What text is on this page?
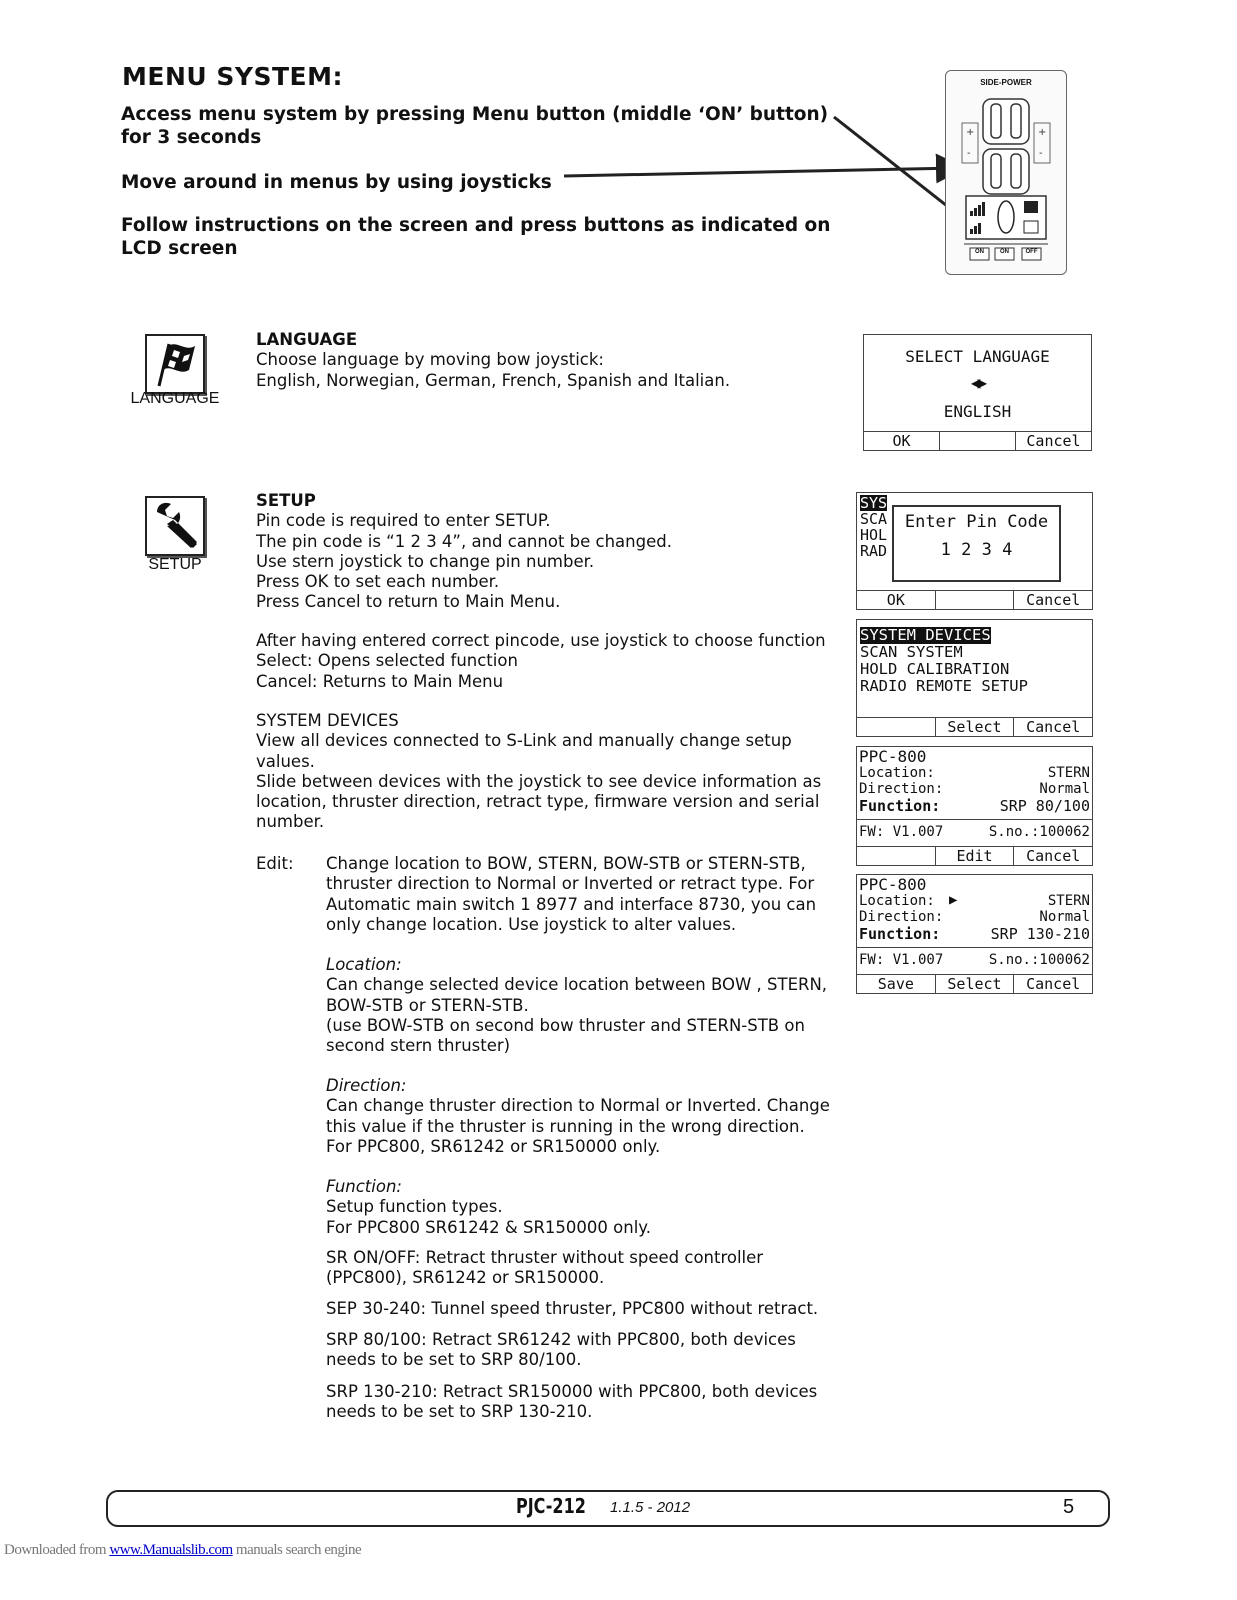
MENU SYSTEM:
Access menu system by pressing Menu button (middle ‘ON’ button)
for 3 seconds
Move around in menus by using joysticks
Follow instructions on the screen and press buttons as indicated on
LCD screen
SIDE-POWER
+
-
+
-
ON	ON	OFF
LANGUAGE
LANGUAGE
Choose language by moving bow joystick:
English, Norwegian, German, French, Spanish and Italian.
SELECT LANGUAGE
◀▶
ENGLISH
OK	Cancel
SETUP
SETUP
Pin code is required to enter SETUP.
The pin code is “1 2 3 4”, and cannot be changed.
Use stern joystick to change pin number.
Press OK to set each number.
Press Cancel to return to Main Menu.
After having entered correct pincode, use joystick to choose function
Select: Opens selected function
Cancel: Returns to Main Menu
SYSTEM DEVICES
View all devices connected to S-Link and manually change setup
values.
Slide between devices with the joystick to see device information as
location, thruster direction, retract type, firmware version and serial
number.
Edit: Change location to BOW, STERN, BOW-STB or STERN-STB,
thruster direction to Normal or Inverted or retract type. For
Automatic main switch 1 8977 and interface 8730, you can
only change location. Use joystick to alter values.
Location:
Can change selected device location between BOW , STERN,
BOW-STB or STERN-STB.
(use BOW-STB on second bow thruster and STERN-STB on
second stern thruster)
Direction:
Can change thruster direction to Normal or Inverted. Change
this value if the thruster is running in the wrong direction.
For PPC800, SR61242 or SR150000 only.
Function:
Setup function types.
For PPC800 SR61242 & SR150000 only.
SR ON/OFF: Retract thruster without speed controller
(PPC800), SR61242 or SR150000.
SEP 30-240: Tunnel speed thruster, PPC800 without retract.
SRP 80/100: Retract SR61242 with PPC800, both devices
needs to be set to SRP 80/100.
SRP 130-210: Retract SR150000 with PPC800, both devices
needs to be set to SRP 130-210.
SYS
SCA
HOL
RAD
Enter Pin Code
1 2 3 4
OK	Cancel
SYSTEM DEVICES
SCAN SYSTEM
HOLD CALIBRATION
RADIO REMOTE SETUP
Select	Cancel
PPC-800
Location:	STERN
Direction:	Normal
Function:	SRP 80/100
FW: V1.007	S.no.:100062
Edit	Cancel
PPC-800
Location: ▶	STERN
Direction:	Normal
Function:	SRP 130-210
FW: V1.007	S.no.:100062
Save	Select	Cancel
PJC-212 1.1.5 - 2012	5
Downloaded from www.Manualslib.com manuals search engine
